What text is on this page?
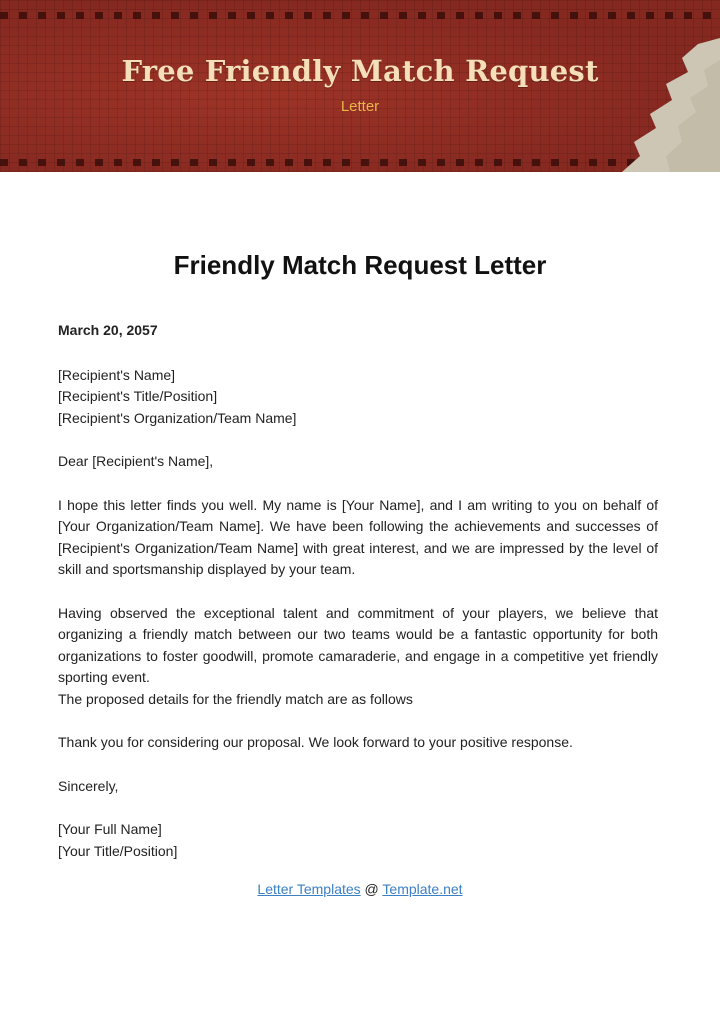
Free Friendly Match Request
Letter
Friendly Match Request Letter

March 20, 2057

[Recipient's Name]

[Recipient's Title/Position]

[Recipient's Organization/Team Name]

Dear [Recipient's Name],

I hope this letter finds you well. My name is [Your Name], and I am writing to you on behalf of [Your Organization/Team Name]. We have been following the achievements and successes of [Recipient's Organization/Team Name] with great interest, and we are impressed by the level of skill and sportsmanship displayed by your team.

Having observed the exceptional talent and commitment of your players, we believe that organizing a friendly match between our two teams would be a fantastic opportunity for both organizations to foster goodwill, promote camaraderie, and engage in a competitive yet friendly sporting event.

The proposed details for the friendly match are as follows

Thank you for considering our proposal. We look forward to your positive response.

Sincerely,

[Your Full Name]

[Your Title/Position]

Letter Templates @ Template.net
